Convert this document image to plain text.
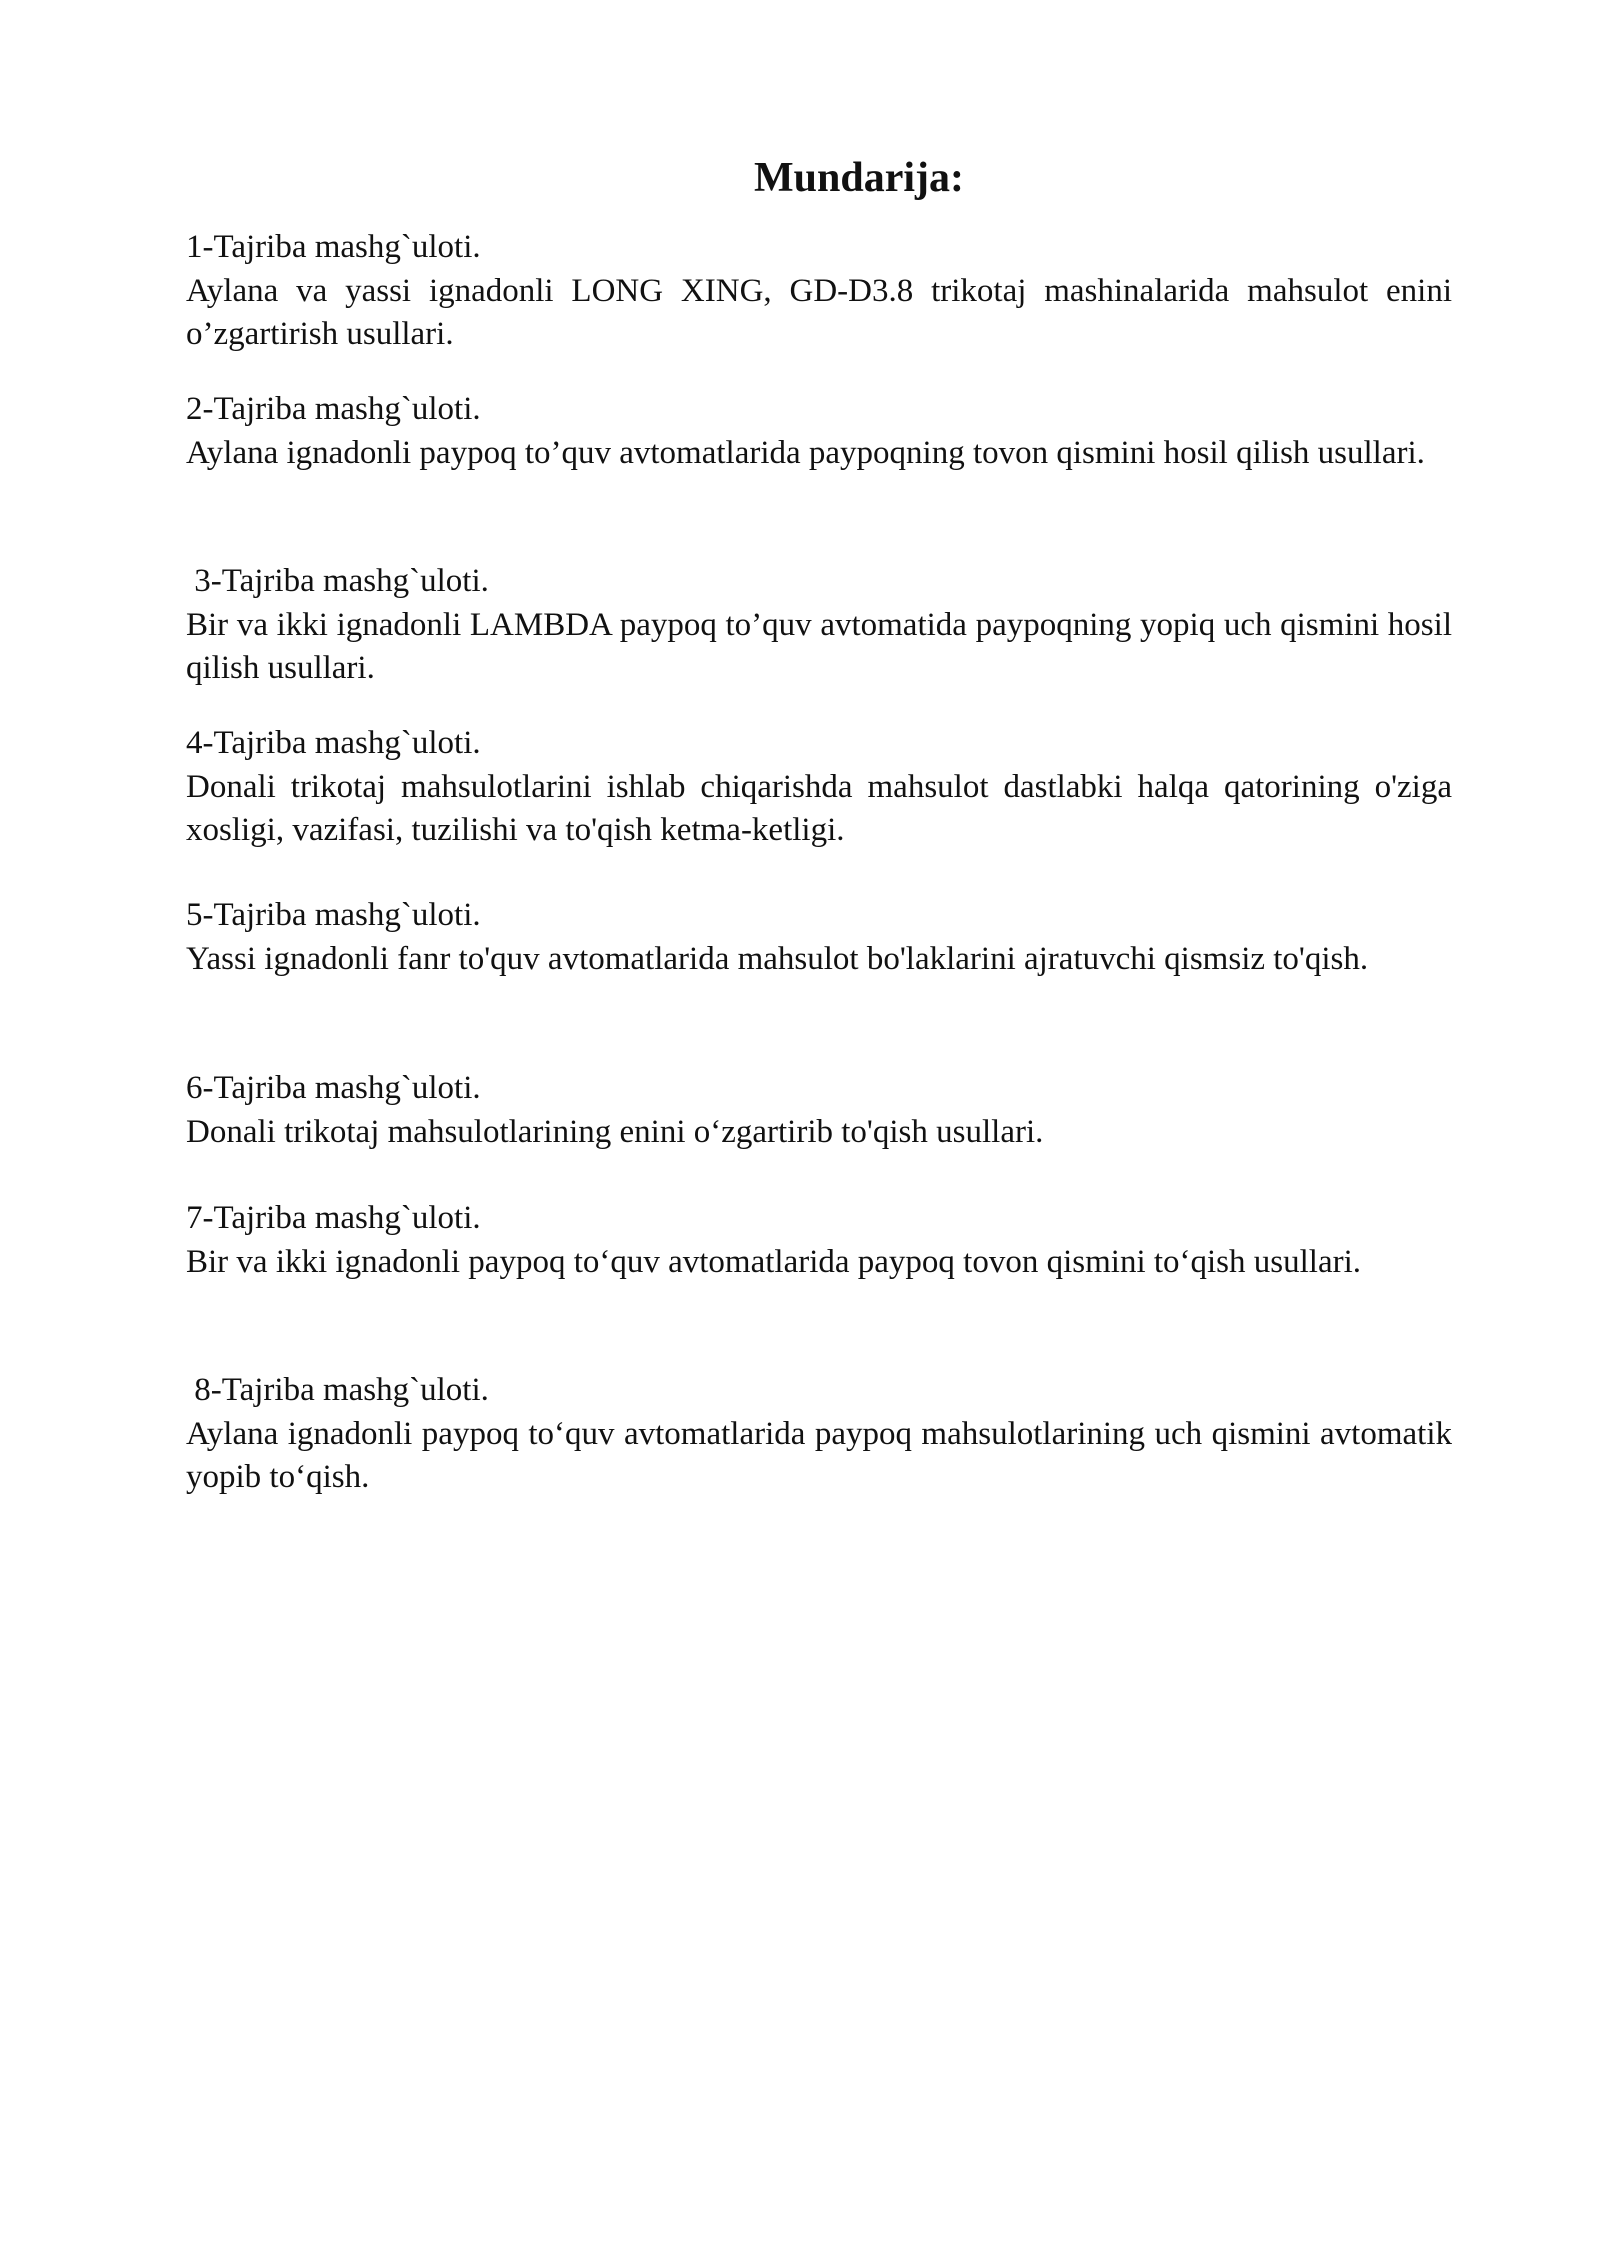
Mundarija:
1-Tajriba mashg`uloti.
Aylana va yassi ignadonli LONG XING, GD-D3.8 trikotaj mashinalarida mahsulot enini o’zgartirish usullari.
2-Tajriba mashg`uloti.
Aylana ignadonli paypoq to’quv avtomatlarida paypoqning tovon qismini hosil qilish usullari.
3-Tajriba mashg`uloti.
Bir va ikki ignadonli LAMBDA paypoq to’quv avtomatida paypoqning yopiq uch qismini hosil qilish usullari.
4-Tajriba mashg`uloti.
Donali trikotaj mahsulotlarini ishlab chiqarishda mahsulot dastlabki halqa qatorining o'ziga xosligi, vazifasi, tuzilishi va to'qish ketma-ketligi.
5-Tajriba mashg`uloti.
Yassi ignadonli fanr to'quv avtomatlarida mahsulot bo'laklarini ajratuvchi qismsiz to'qish.
6-Tajriba mashg`uloti.
Donali trikotaj mahsulotlarining enini oʻzgartirib to'qish usullari.
7-Tajriba mashg`uloti.
Bir va ikki ignadonli paypoq toʻquv avtomatlarida paypoq tovon qismini toʻqish usullari.
8-Tajriba mashg`uloti.
Aylana ignadonli paypoq toʻquv avtomatlarida paypoq mahsulotlarining uch qismini avtomatik yopib toʻqish.
